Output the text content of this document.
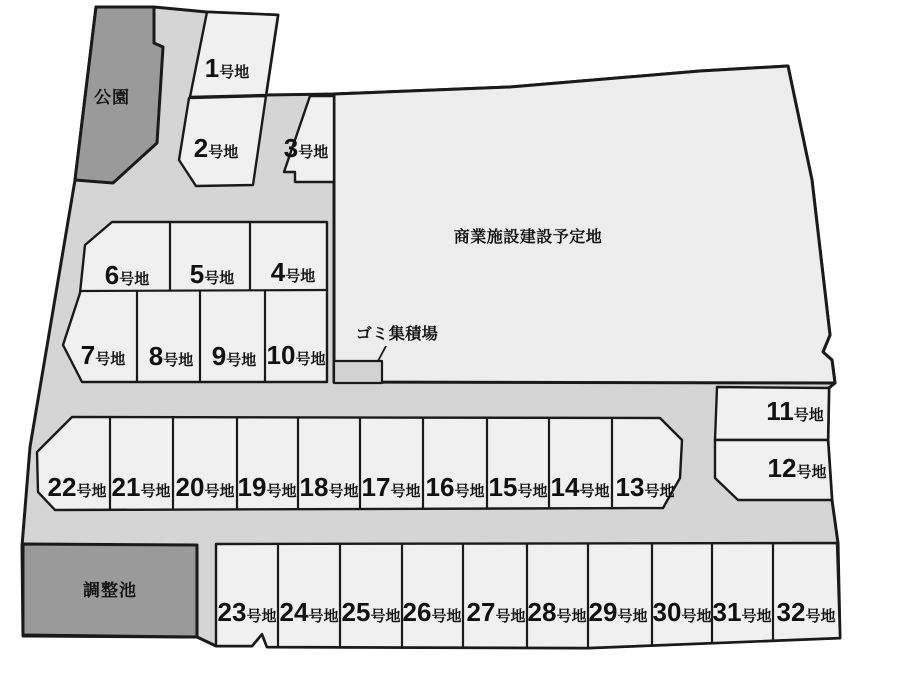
公園
商業施設建設予定地
ゴミ集積場
調整池
1号地
2号地 3号地
4号地
5号地
6号地
7号地 8号地 9号地 10号地
11号地
12号地
13号地
14号地
15号地
16号地
17号地
18号地
19号地
20号地
21号地
22号地
23号地 24号地 25号地 26号地 27号地 28号地 29号地 30号地 31号地 32号地
